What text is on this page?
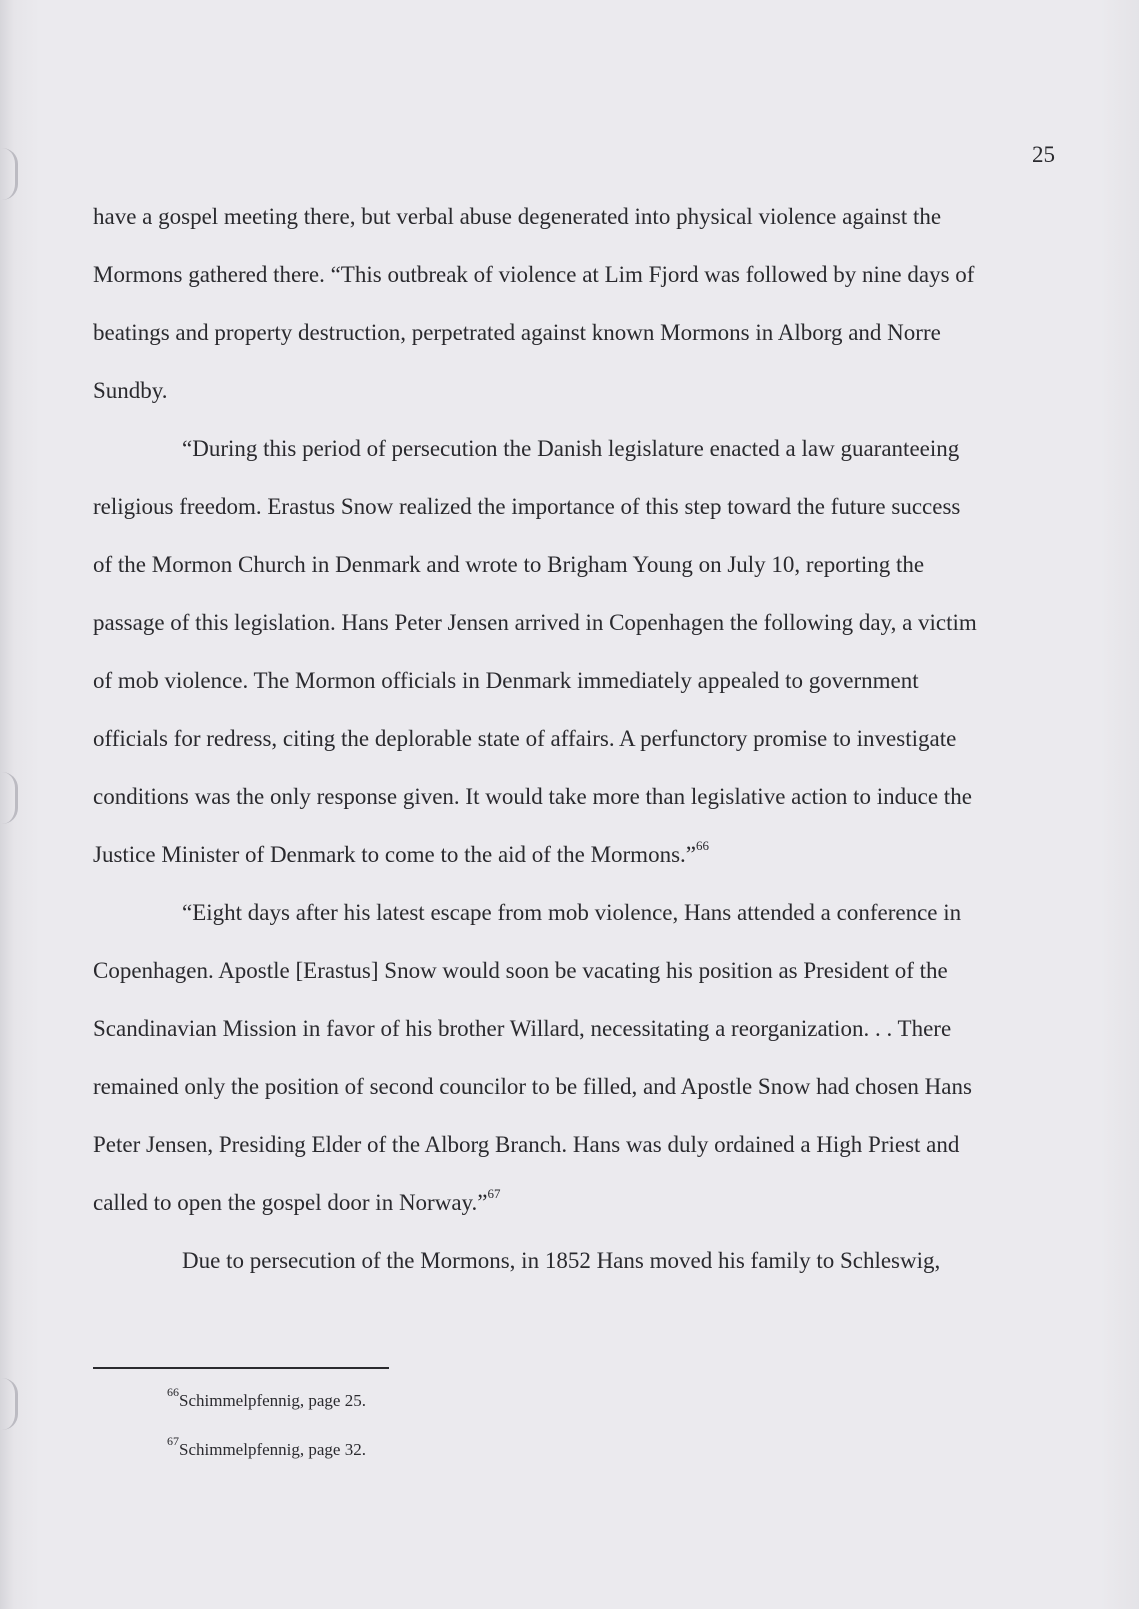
25
have a gospel meeting there, but verbal abuse degenerated into physical violence against the
Mormons gathered there. “This outbreak of violence at Lim Fjord was followed by nine days of
beatings and property destruction, perpetrated against known Mormons in Alborg and Norre
Sundby.
“During this period of persecution the Danish legislature enacted a law guaranteeing
religious freedom. Erastus Snow realized the importance of this step toward the future success
of the Mormon Church in Denmark and wrote to Brigham Young on July 10, reporting the
passage of this legislation. Hans Peter Jensen arrived in Copenhagen the following day, a victim
of mob violence. The Mormon officials in Denmark immediately appealed to government
officials for redress, citing the deplorable state of affairs. A perfunctory promise to investigate
conditions was the only response given. It would take more than legislative action to induce the
Justice Minister of Denmark to come to the aid of the Mormons.”$^{66}$
“Eight days after his latest escape from mob violence, Hans attended a conference in
Copenhagen. Apostle [Erastus] Snow would soon be vacating his position as President of the
Scandinavian Mission in favor of his brother Willard, necessitating a reorganization. . . There
remained only the position of second councilor to be filled, and Apostle Snow had chosen Hans
Peter Jensen, Presiding Elder of the Alborg Branch. Hans was duly ordained a High Priest and
called to open the gospel door in Norway.”$^{67}$
Due to persecution of the Mormons, in 1852 Hans moved his family to Schleswig,
$^{66}$Schimmelpfennig, page 25.
$^{67}$Schimmelpfennig, page 32.
